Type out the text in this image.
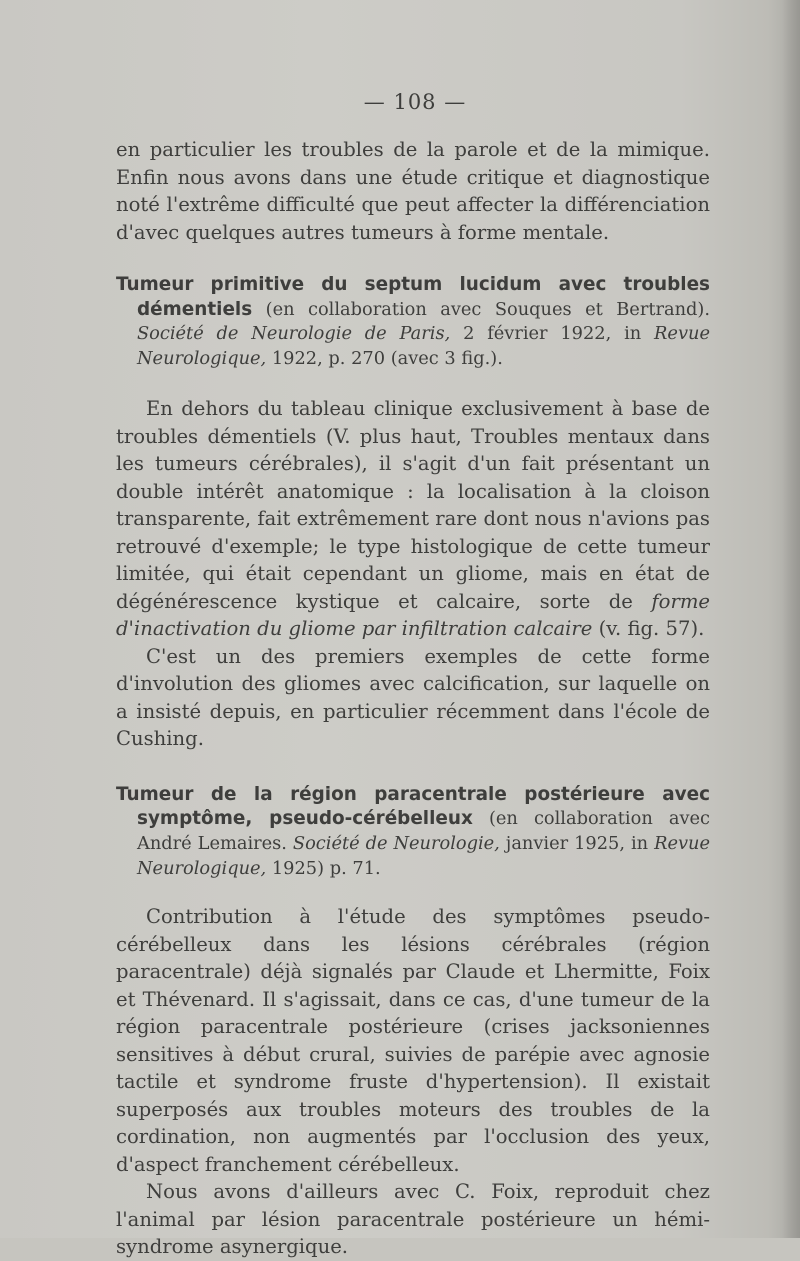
— 108 —

en particulier les troubles de la parole et de la mimique. Enfin nous avons dans une étude critique et diagnostique noté l'extrême difficulté que peut affecter la différenciation d'avec quelques autres tumeurs à forme mentale.

Tumeur primitive du septum lucidum avec troubles démentiels (en collaboration avec Souques et Bertrand). Société de Neurologie de Paris, 2 février 1922, in Revue Neurologique, 1922, p. 270 (avec 3 fig.).

En dehors du tableau clinique exclusivement à base de troubles démentiels (V. plus haut, Troubles mentaux dans les tumeurs cérébrales), il s'agit d'un fait présentant un double intérêt anatomique : la localisation à la cloison transparente, fait extrêmement rare dont nous n'avions pas retrouvé d'exemple; le type histologique de cette tumeur limitée, qui était cependant un gliome, mais en état de dégénérescence kystique et calcaire, sorte de forme d'inactivation du gliome par infiltration calcaire (v. fig. 57).

C'est un des premiers exemples de cette forme d'involution des gliomes avec calcification, sur laquelle on a insisté depuis, en particulier récemment dans l'école de Cushing.

Tumeur de la région paracentrale postérieure avec symptôme, pseudo-cérébelleux (en collaboration avec André Lemaires. Société de Neurologie, janvier 1925, in Revue Neurologique, 1925) p. 71.

Contribution à l'étude des symptômes pseudo-cérébelleux dans les lésions cérébrales (région paracentrale) déjà signalés par Claude et Lhermitte, Foix et Thévenard. Il s'agissait, dans ce cas, d'une tumeur de la région paracentrale postérieure (crises jacksoniennes sensitives à début crural, suivies de parépie avec agnosie tactile et syndrome fruste d'hypertension). Il existait superposés aux troubles moteurs des troubles de la cordination, non augmentés par l'occlusion des yeux, d'aspect franchement cérébelleux.

Nous avons d'ailleurs avec C. Foix, reproduit chez l'animal par lésion paracentrale postérieure un hémi-syndrome asynergique.
